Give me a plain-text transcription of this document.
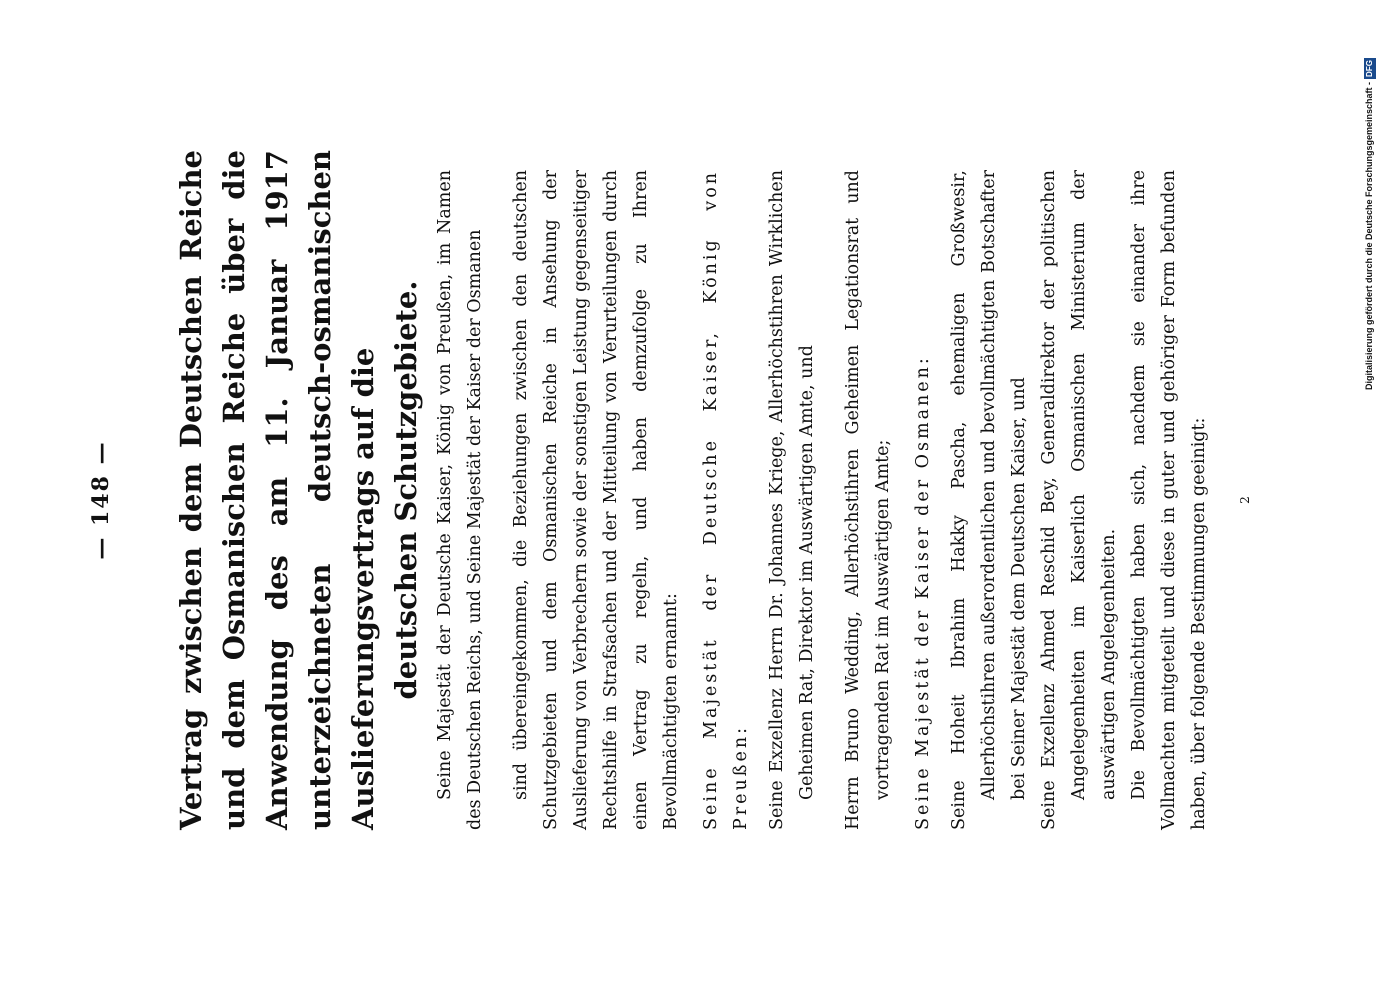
— 148 — Vertrag zwischen dem Deutschen Reiche und dem Osmanischen Reiche über die Anwendung des am 11. Januar 1917 unterzeichneten deutsch-osmanischen Auslieferungsvertrags auf die deutschen Schutzgebiete. Seine Majestät der Deutsche Kaiser, König von Preußen, im Namen des Deutschen Reichs, und Seine Majestät der Kaiser der Osmanen sind übereingekommen, die Beziehungen zwischen den deutschen Schutzgebieten und dem Osmanischen Reiche in Ansehung der Auslieferung von Verbrechern sowie der sonstigen Leistung gegenseitiger Rechtshilfe in Strafsachen und der Mitteilung von Verurteilungen durch einen Vertrag zu regeln, und haben demzufolge zu Ihren Bevollmächtigten ernannt: Seine Majestät der Deutsche Kaiser, König von Preußen: Seine Exzellenz Herrn Dr. Johannes Kriege, Allerhöchstihren Wirklichen Geheimen Rat, Direktor im Auswärtigen Amte, und Herrn Bruno Wedding, Allerhöchstihren Geheimen Legationsrat und vortragenden Rat im Auswärtigen Amte; Seine Majestät der Kaiser der Osmanen: Seine Hoheit Ibrahim Hakky Pascha, ehemaligen Großwesir, Allerhöchstihren außerordentlichen und bevollmächtigten Botschafter bei Seiner Majestät dem Deutschen Kaiser, und Seine Exzellenz Ahmed Reschid Bey, Generaldirektor der politischen Angelegenheiten im Kaiserlich Osmanischen Ministerium der auswärtigen Angelegenheiten. Die Bevollmächtigten haben sich, nachdem sie einander ihre Vollmachten mitgeteilt und diese in guter und gehöriger Form befunden haben, über folgende Bestimmungen geeinigt:	2
Digitalisierung gefördert durch die Deutsche Forschungsgemeinschaft -DFG
